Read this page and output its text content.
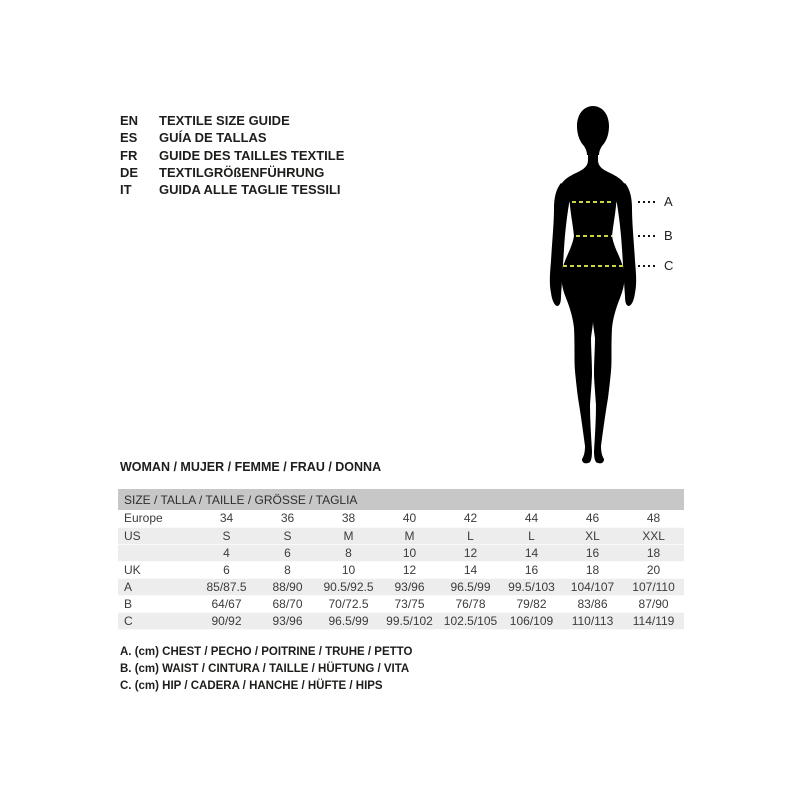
EN TEXTILE SIZE GUIDE
ES GUÍA DE TALLAS
FR GUIDE DES TAILLES TEXTILE
DE TEXTILGRÖßENFÜHRUNG
IT GUIDA ALLE TAGLIE TESSILI
A
B
C
WOMAN / MUJER / FEMME / FRAU / DONNA
SIZE / TALLA / TAILLE / GRÖSSE / TAGLIA								
Europe	34	36	38	40	42	44	46	48
US	S	S	M	M	L	L	XL	XXL
	4	6	8	10	12	14	16	18
UK	6	8	10	12	14	16	18	20
A	85/87.5	88/90	90.5/92.5	93/96	96.5/99	99.5/103	104/107	107/110
B	64/67	68/70	70/72.5	73/75	76/78	79/82	83/86	87/90
C	90/92	93/96	96.5/99	99.5/102	102.5/105	106/109	110/113	114/119
A. (cm) CHEST / PECHO / POITRINE / TRUHE / PETTO
B. (cm) WAIST / CINTURA / TAILLE / HÜFTUNG / VITA
C. (cm) HIP / CADERA / HANCHE / HÜFTE / HIPS
